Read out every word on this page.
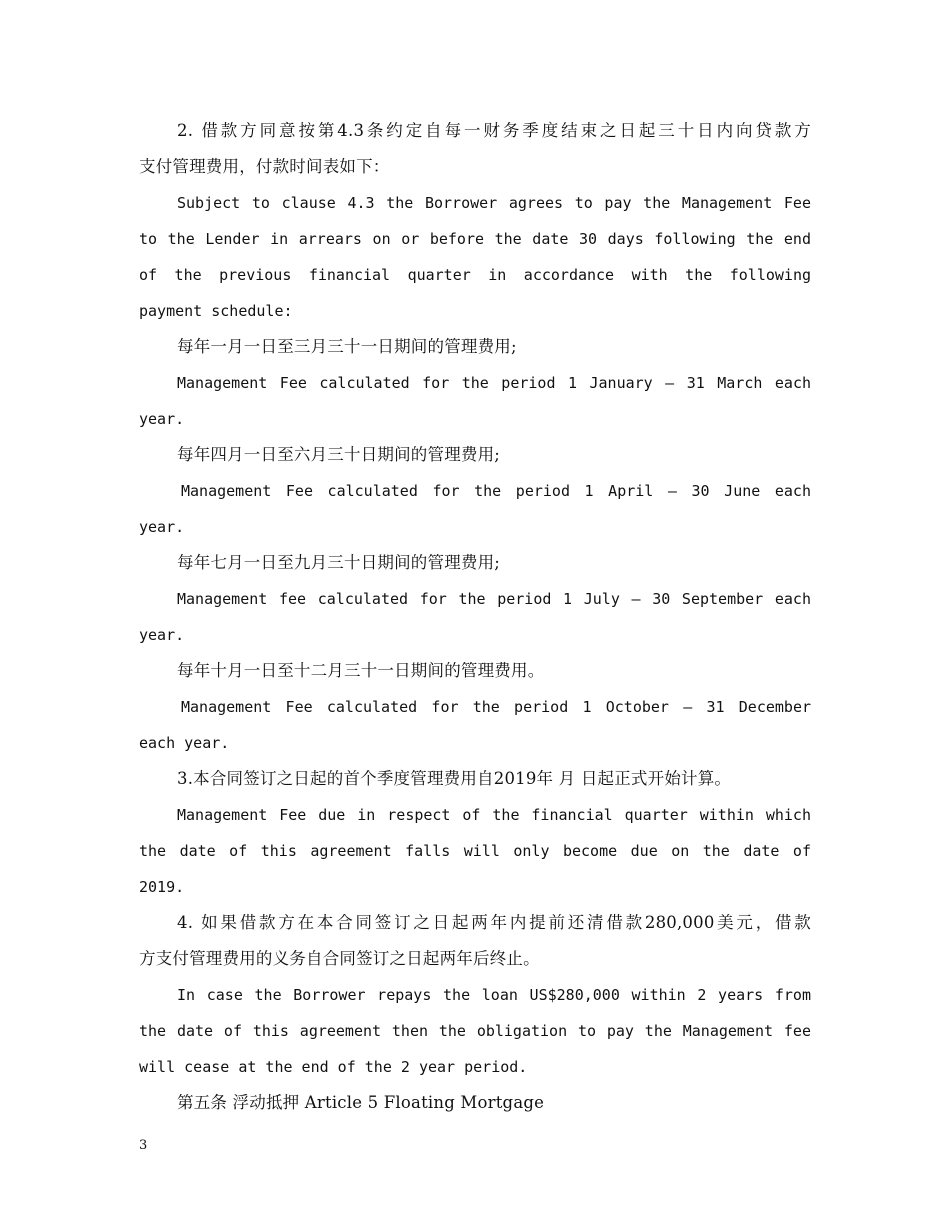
2. 借款方同意按第4.3条约定自每一财务季度结束之日起三十日内向贷款方
支付管理费用，付款时间表如下：
Subject to clause 4.3 the Borrower agrees to pay the Management Fee
to the Lender in arrears on or before the date 30 days following the end
of the previous financial quarter in accordance with the following
payment schedule:
每年一月一日至三月三十一日期间的管理费用;
Management Fee calculated for the period 1 January – 31 March each
year.
每年四月一日至六月三十日期间的管理费用;
Management Fee calculated for the period 1 April – 30 June each
year.
每年七月一日至九月三十日期间的管理费用;
Management fee calculated for the period 1 July – 30 September each
year.
每年十月一日至十二月三十一日期间的管理费用。
Management Fee calculated for the period 1 October – 31 December
each year.
3.本合同签订之日起的首个季度管理费用自2019年 月 日起正式开始计算。
Management Fee due in respect of the financial quarter within which
the date of this agreement falls will only become due on the date of
2019.
4. 如果借款方在本合同签订之日起两年内提前还清借款280,000美元，借款
方支付管理费用的义务自合同签订之日起两年后终止。
In case the Borrower repays the loan US$280,000 within 2 years from
the date of this agreement then the obligation to pay the Management fee
will cease at the end of the 2 year period.
第五条 浮动抵押 Article 5 Floating Mortgage
3
